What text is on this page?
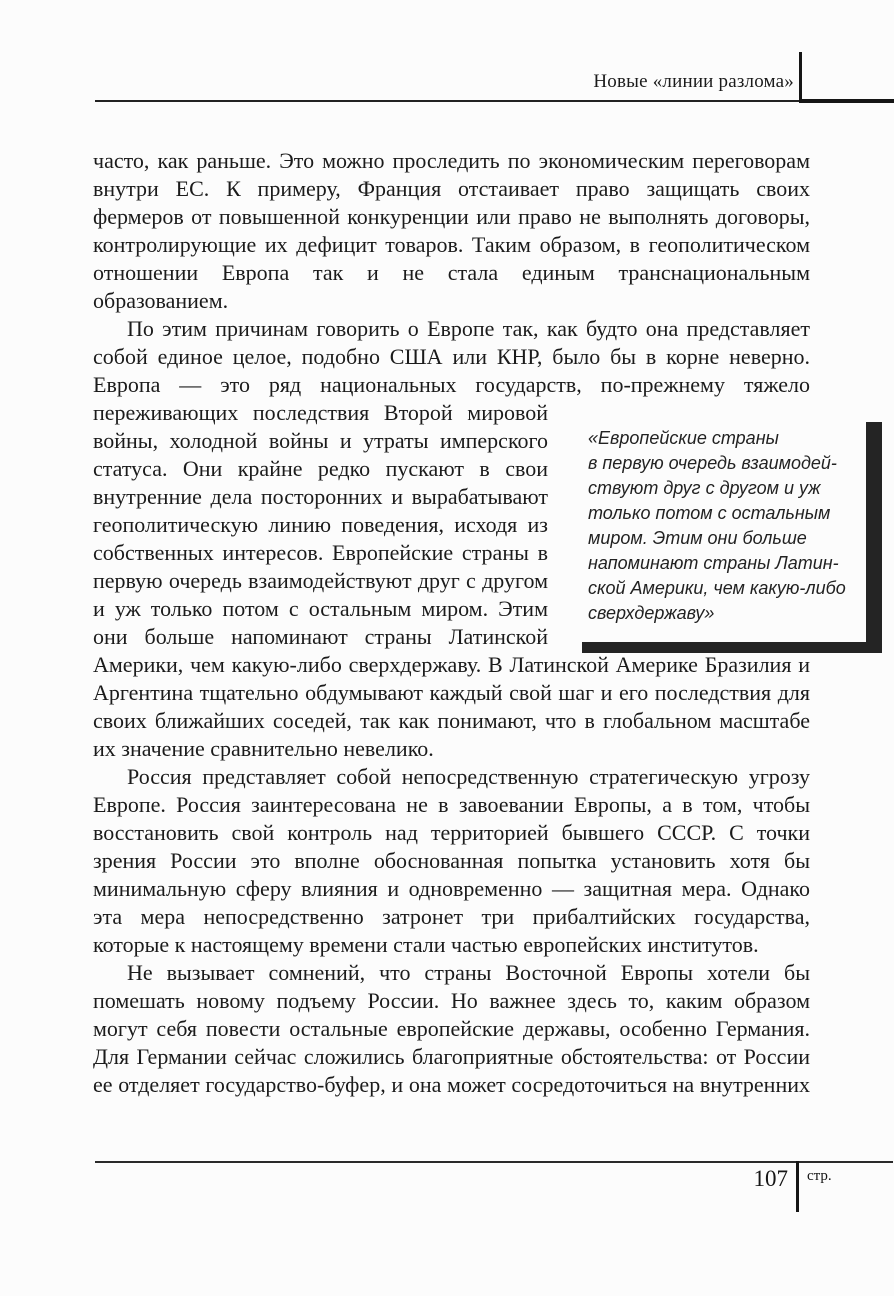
Новые «линии разлома»

часто, как раньше. Это можно проследить по экономическим переговорам внутри ЕС. К примеру, Франция отстаивает право защищать своих фермеров от повышенной конкуренции или право не выполнять договоры, контролирующие их дефицит товаров. Таким образом, в геополитическом отношении Европа так и не стала единым транснациональным образованием.

По этим причинам говорить о Европе так, как будто она представляет собой единое целое, подобно США или КНР, было бы в корне неверно. Европа — это ряд национальных государств, по-прежнему тяжело

«Европейские страны
в первую очередь взаимодей-
ствуют друг с другом и уж
только потом с остальным
миром. Этим они больше
напоминают страны Латин-
ской Америки, чем какую-либо
сверхдержаву»
переживающих последствия Второй мировой войны, холодной войны и утраты имперского статуса. Они крайне редко пускают в свои внутренние дела посторонних и вырабатывают геополитическую линию поведения, исходя из собственных интересов. Европейские страны в первую очередь взаимодействуют друг с другом и уж только потом с остальным миром. Этим они больше напоминают страны Латинской Америки, чем какую-либо сверхдержаву. В Латинской Америке Бразилия и Аргентина тщательно обдумывают каждый свой шаг и его последствия для своих ближайших соседей, так как понимают, что в глобальном масштабе их значение сравнительно невелико.

Россия представляет собой непосредственную стратегическую угрозу Европе. Россия заинтересована не в завоевании Европы, а в том, чтобы восстановить свой контроль над территорией бывшего СССР. С точки зрения России это вполне обоснованная попытка установить хотя бы минимальную сферу влияния и одновременно — защитная мера. Однако эта мера непосредственно затронет три прибалтийских государства, которые к настоящему времени стали частью европейских институтов.

Не вызывает сомнений, что страны Восточной Европы хотели бы помешать новому подъему России. Но важнее здесь то, каким образом могут себя повести остальные европейские державы, особенно Германия. Для Германии сейчас сложились благоприятные обстоятельства: от России ее отделяет государство-буфер, и она может сосредоточиться на внутренних

107 стр.
